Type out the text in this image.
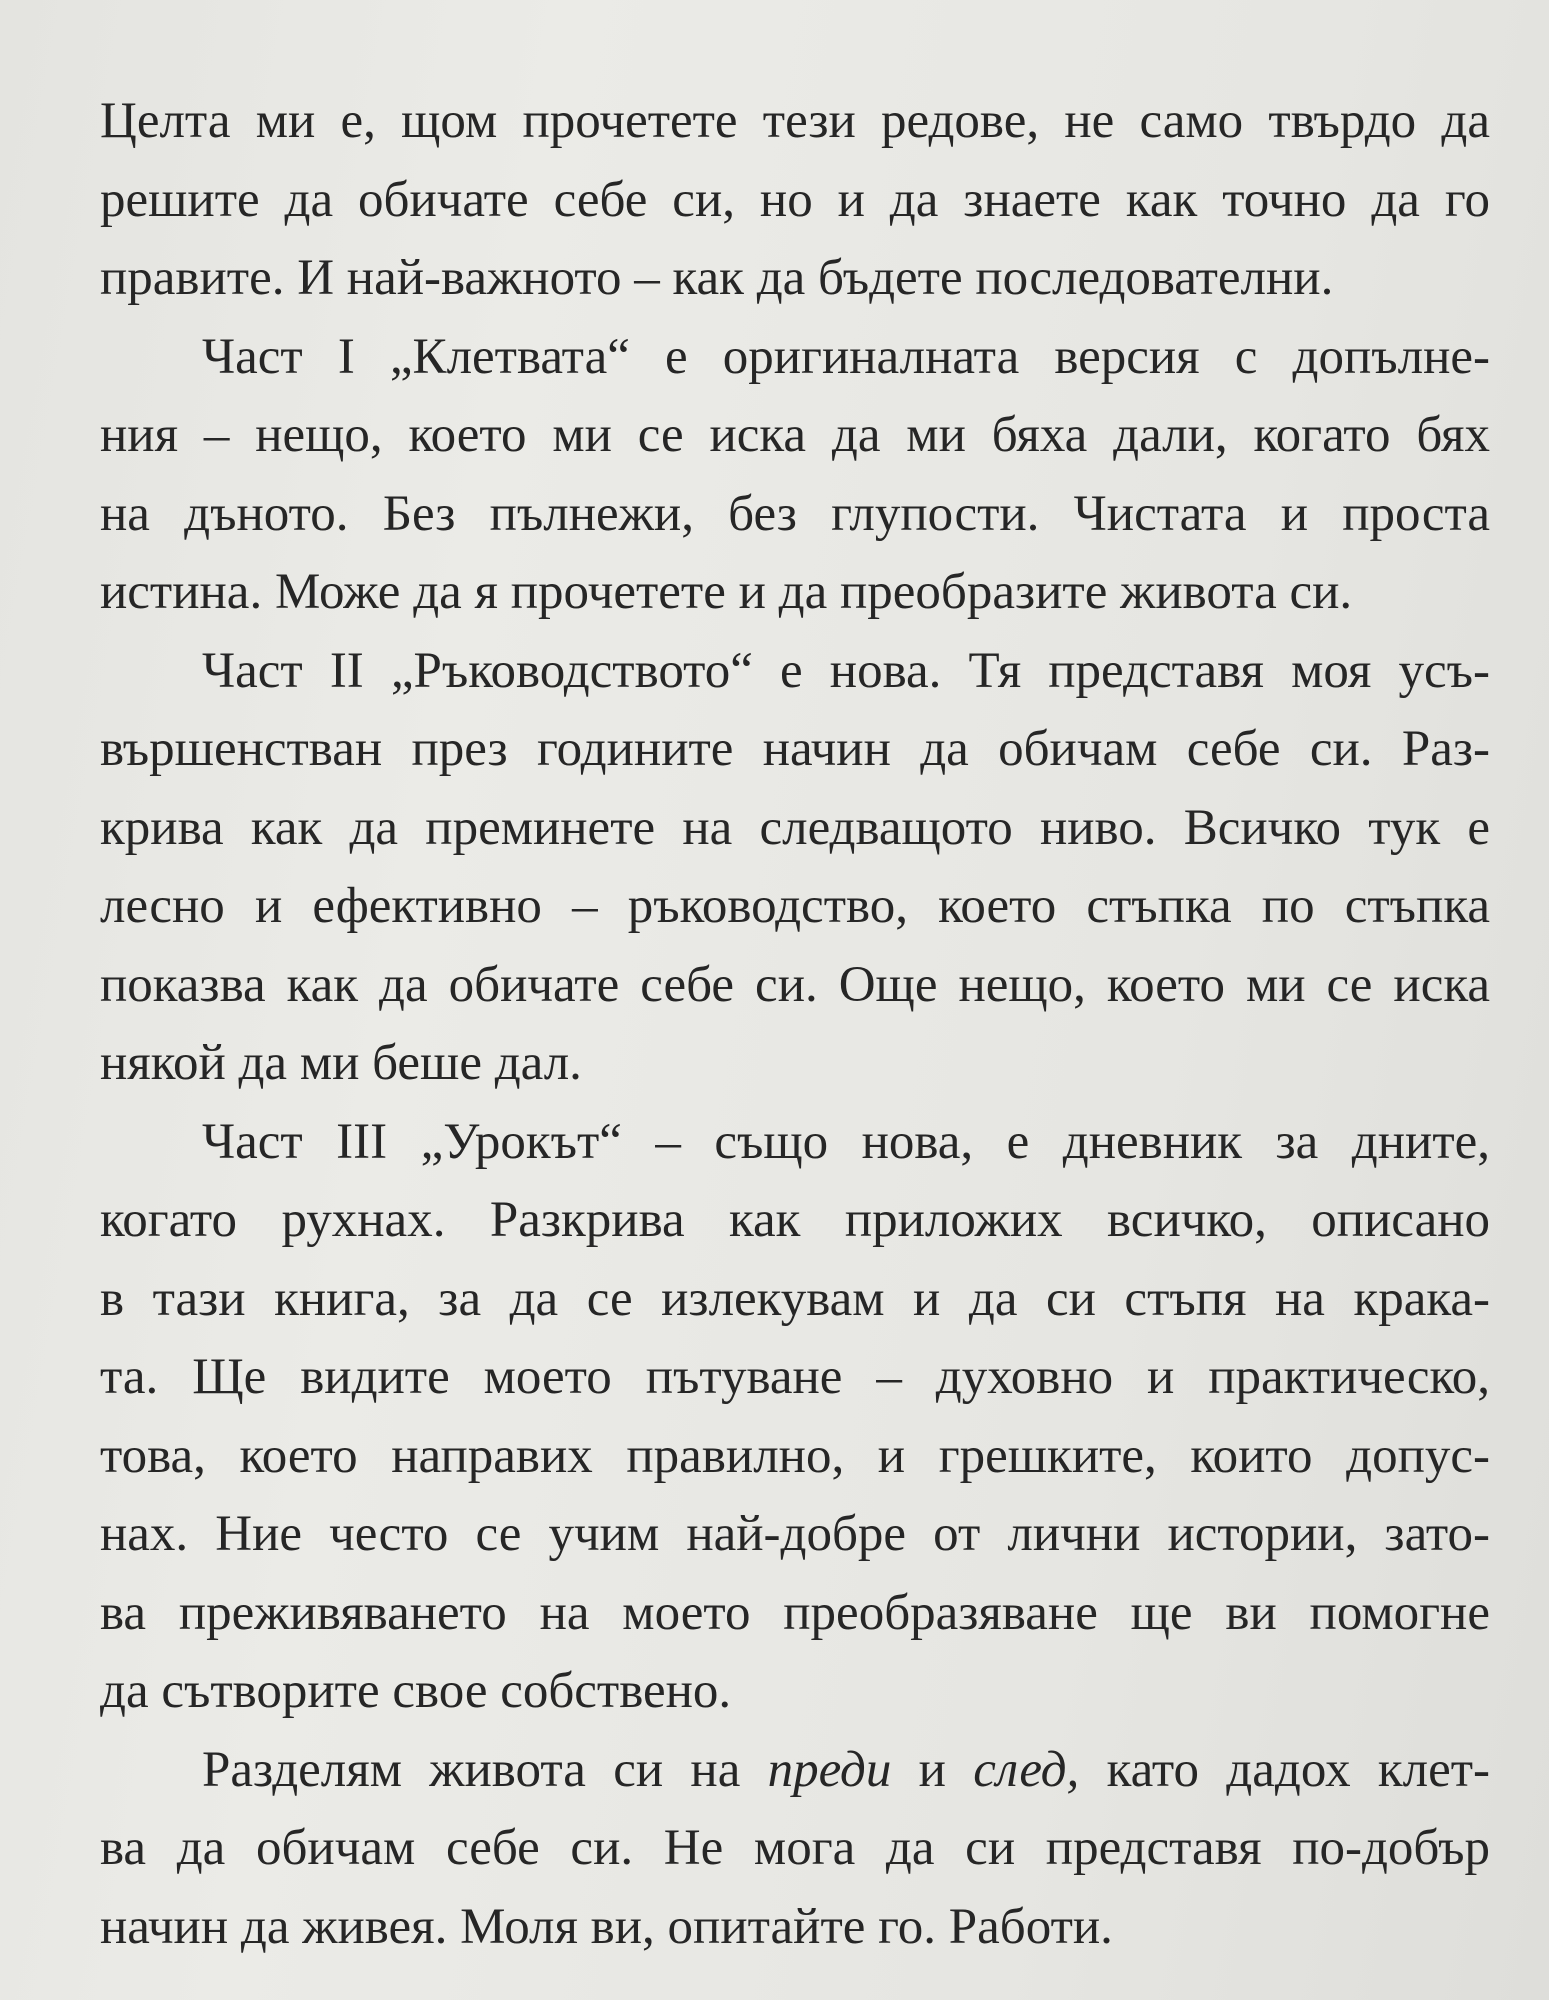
Целта ми е, щом прочетете тези редове, не само твърдо да
решите да обичате себе си, но и да знаете как точно да го
правите. И най-важното – как да бъдете последователни.
Част I „Клетвата“ е оригиналната версия с допълне-
ния – нещо, което ми се иска да ми бяха дали, когато бях
на дъното. Без пълнежи, без глупости. Чистата и проста
истина. Може да я прочетете и да преобразите живота си.
Част II „Ръководството“ е нова. Тя представя моя усъ-
вършенстван през годините начин да обичам себе си. Раз-
крива как да преминете на следващото ниво. Всичко тук е
лесно и ефективно – ръководство, което стъпка по стъпка
показва как да обичате себе си. Още нещо, което ми се иска
някой да ми беше дал.
Част III „Урокът“ – също нова, е дневник за дните,
когато рухнах. Разкрива как приложих всичко, описано
в тази книга, за да се излекувам и да си стъпя на крака-
та. Ще видите моето пътуване – духовно и практическо,
това, което направих правилно, и грешките, които допус-
нах. Ние често се учим най-добре от лични истории, зато-
ва преживяването на моето преобразяване ще ви помогне
да сътворите свое собствено.
Разделям живота си на преди и след, като дадох клет-
ва да обичам себе си. Не мога да си представя по-добър
начин да живея. Моля ви, опитайте го. Работи.
